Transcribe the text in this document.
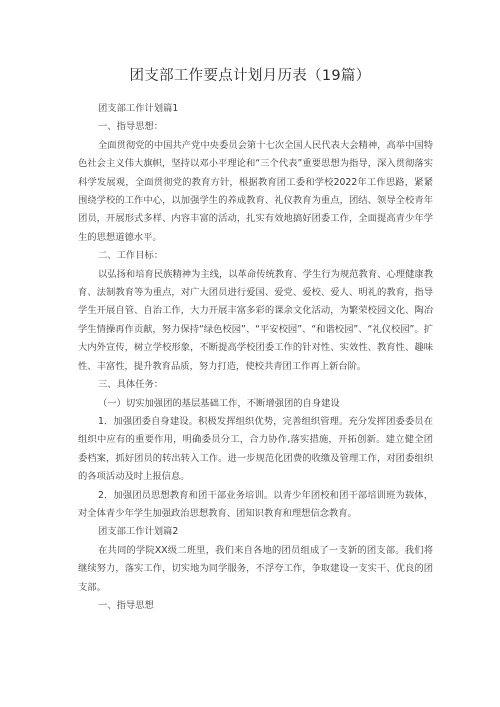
团支部工作要点计划月历表（19篇）

团支部工作计划篇1

一、指导思想：

全面贯彻党的中国共产党中央委员会第十七次全国人民代表大会精神，高举中国特色社会主义伟大旗帜，坚持以邓小平理论和“三个代表”重要思想为指导，深入贯彻落实科学发展观，全面贯彻党的教育方针，根据教育团工委和学校2022年工作思路，紧紧围绕学校的工作中心，以加强学生的养成教育、礼仪教育为重点，团结、领导全校青年团员，开展形式多样、内容丰富的活动，扎实有效地搞好团委工作，全面提高青少年学生的思想道德水平。

二、工作目标：

以弘扬和培育民族精神为主线，以革命传统教育、学生行为规范教育、心理健康教育、法制教育等为重点，对广大团员进行爱国、爱党、爱校、爱人、明礼的教育，指导学生开展自管、自治工作，大力开展丰富多彩的课余文化活动，为繁荣校园文化、陶冶学生情操再作贡献，努力保持“绿色校园”、“平安校园”、“和谐校园”、“礼仪校园”。扩大内外宣传，树立学校形象，不断提高学校团委工作的针对性、实效性、教育性、趣味性、丰富性，提升教育品质，努力打造，使校共青团工作再上新台阶。

三、具体任务：

（一）切实加强团的基层基础工作，不断增强团的自身建设

1．加强团委自身建设。积极发挥组织优势，完善组织管理。充分发挥团委委员在组织中应有的重要作用，明确委员分工，合力协作,落实措施，开拓创新。建立健全团委档案，抓好团员的转出转入工作。进一步规范化团费的收缴及管理工作，对团委组织的各项活动及时上报信息。

2．加强团员思想教育和团干部业务培训。以青少年团校和团干部培训班为载体，对全体青少年学生加强政治思想教育、团知识教育和理想信念教育。

团支部工作计划篇2

在共同的学院XX级二班里，我们来自各地的团员组成了一支新的团支部。我们将继续努力，落实工作，切实地为同学服务，不浮夸工作，争取建设一支实干、优良的团支部。

一、指导思想
